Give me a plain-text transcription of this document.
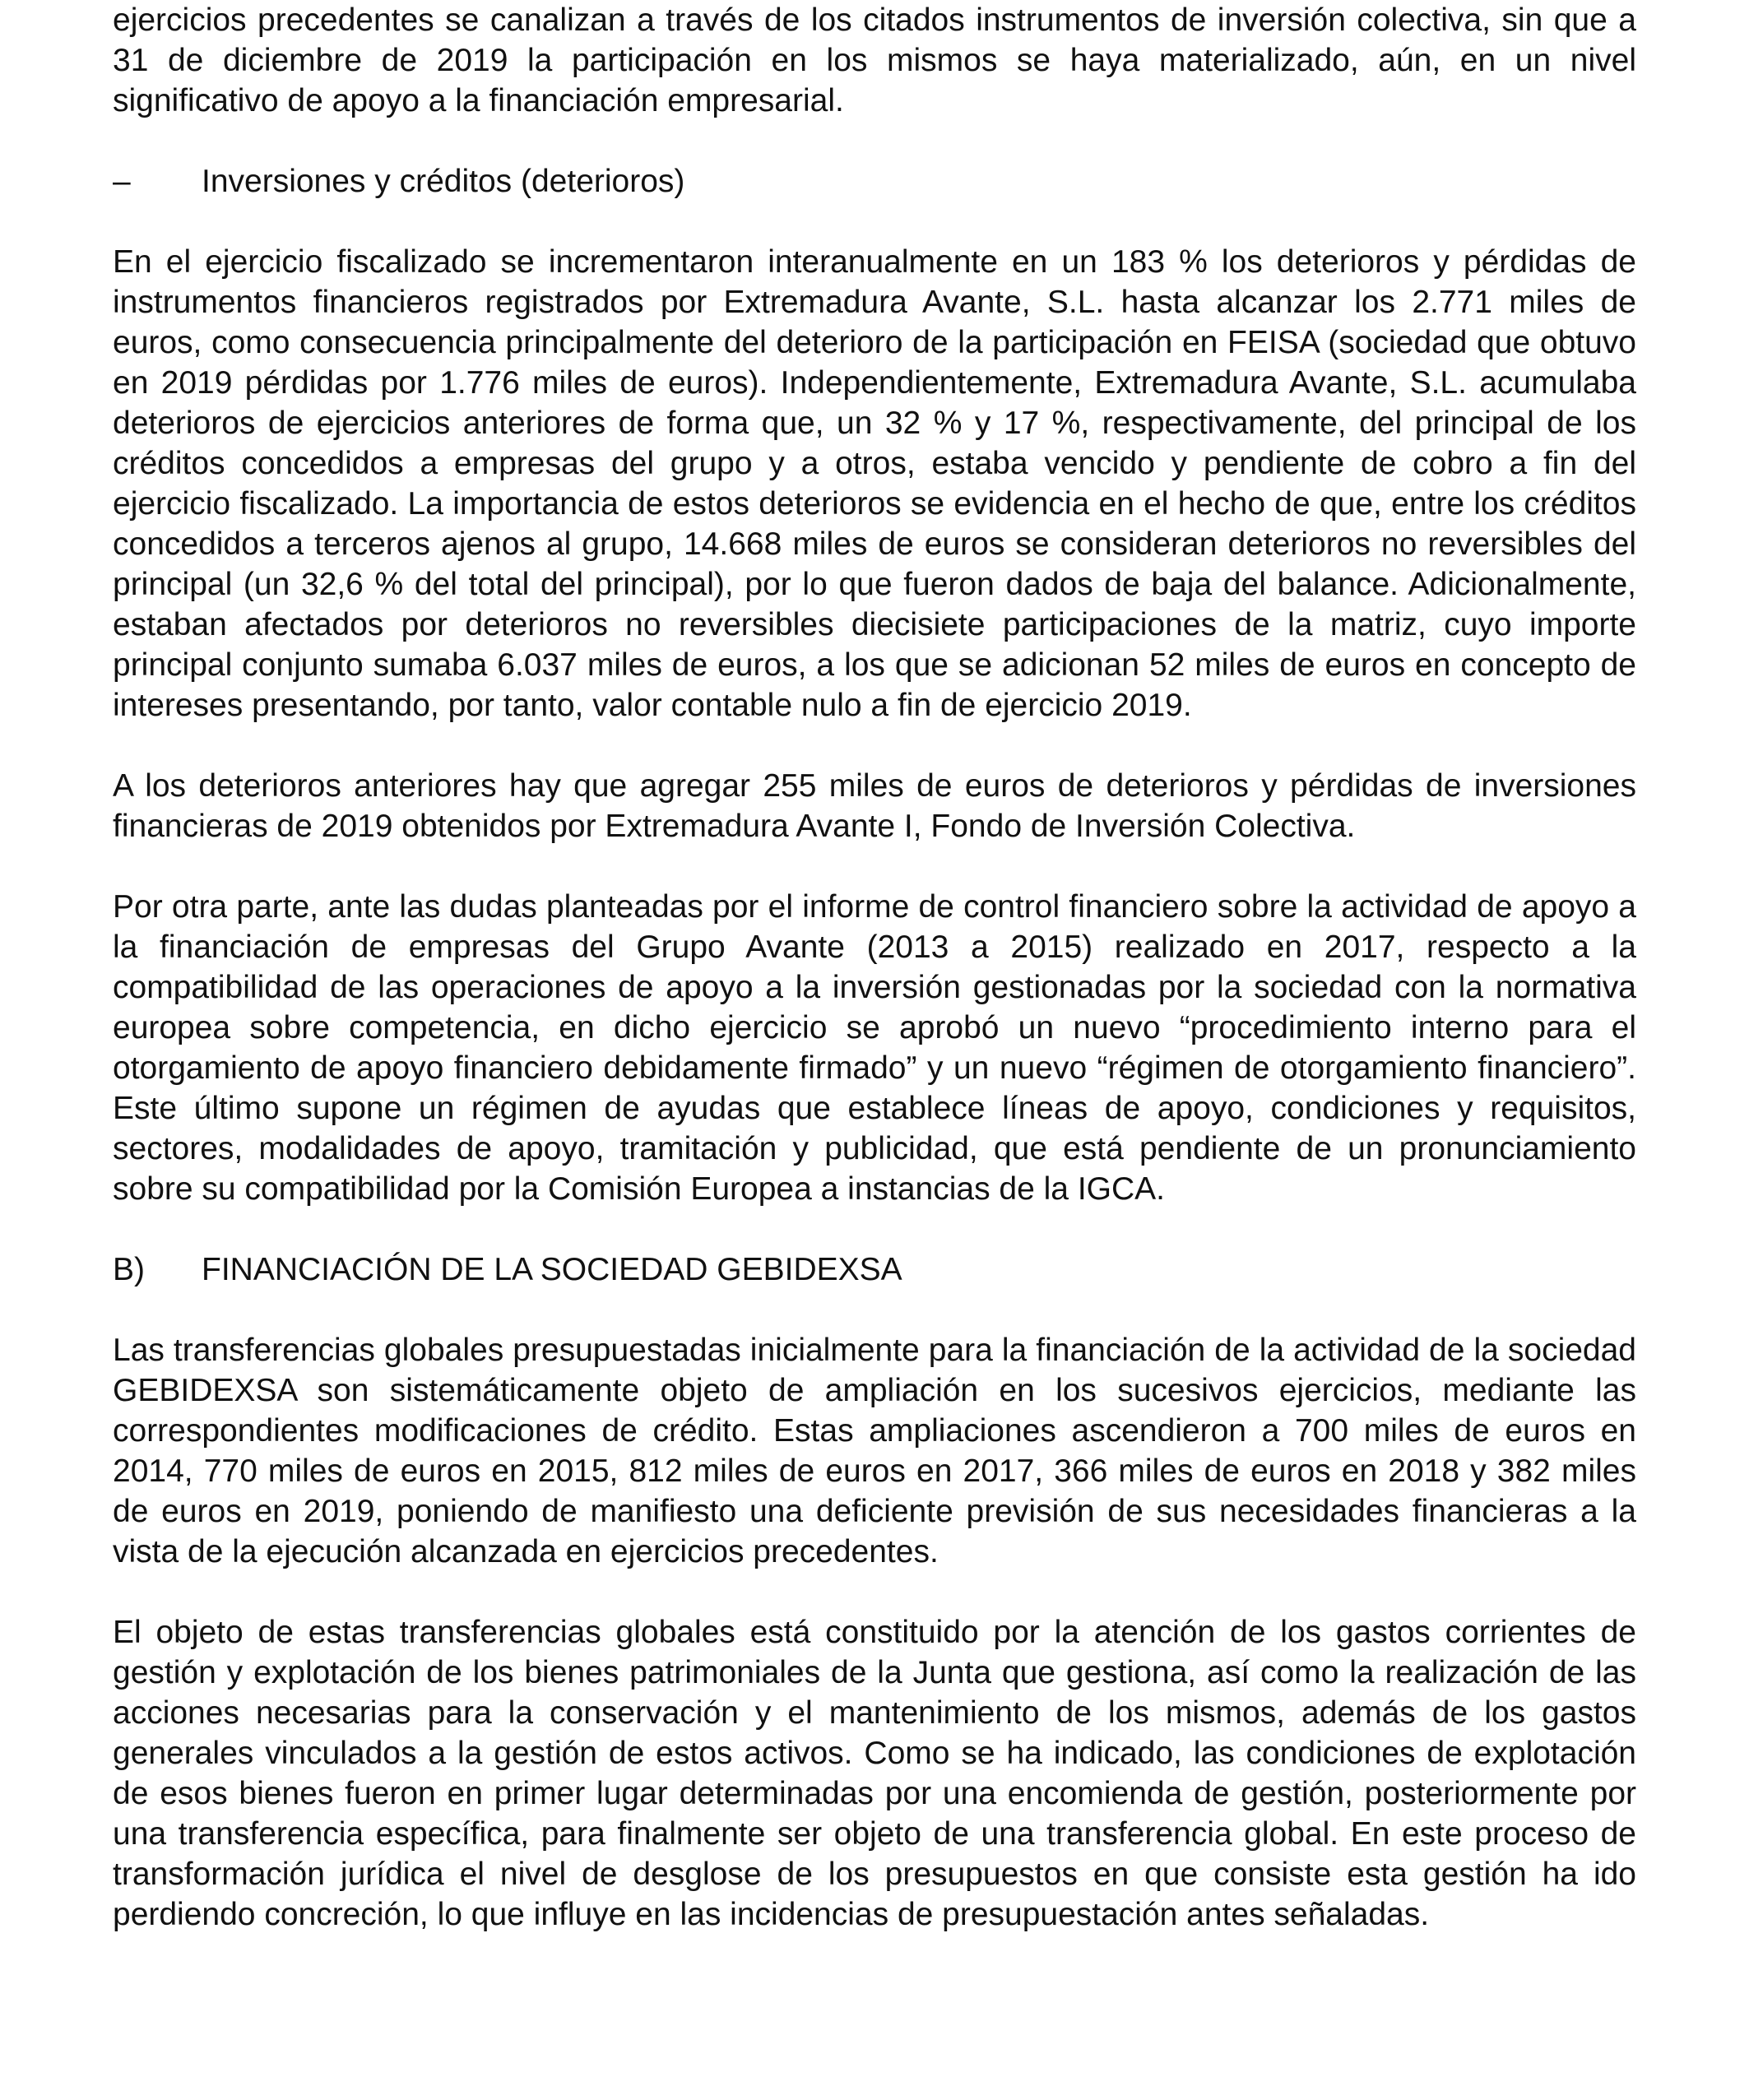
ejercicios precedentes se canalizan a través de los citados instrumentos de inversión colectiva, sin que a 31 de diciembre de 2019 la participación en los mismos se haya materializado, aún, en un nivel significativo de apoyo a la financiación empresarial.

–	Inversiones y créditos (deterioros)

En el ejercicio fiscalizado se incrementaron interanualmente en un 183 % los deterioros y pérdidas de instrumentos financieros registrados por Extremadura Avante, S.L. hasta alcanzar los 2.771 miles de euros, como consecuencia principalmente del deterioro de la participación en FEISA (sociedad que obtuvo en 2019 pérdidas por 1.776 miles de euros). Independientemente, Extremadura Avante, S.L. acumulaba deterioros de ejercicios anteriores de forma que, un 32 % y 17 %, respectivamente, del principal de los créditos concedidos a empresas del grupo y a otros, estaba vencido y pendiente de cobro a fin del ejercicio fiscalizado. La importancia de estos deterioros se evidencia en el hecho de que, entre los créditos concedidos a terceros ajenos al grupo, 14.668 miles de euros se consideran deterioros no reversibles del principal (un 32,6 % del total del principal), por lo que fueron dados de baja del balance. Adicionalmente, estaban afectados por deterioros no reversibles diecisiete participaciones de la matriz, cuyo importe principal conjunto sumaba 6.037 miles de euros, a los que se adicionan 52 miles de euros en concepto de intereses presentando, por tanto, valor contable nulo a fin de ejercicio 2019.

A los deterioros anteriores hay que agregar 255 miles de euros de deterioros y pérdidas de inversiones financieras de 2019 obtenidos por Extremadura Avante I, Fondo de Inversión Colectiva.

Por otra parte, ante las dudas planteadas por el informe de control financiero sobre la actividad de apoyo a la financiación de empresas del Grupo Avante (2013 a 2015) realizado en 2017, respecto a la compatibilidad de las operaciones de apoyo a la inversión gestionadas por la sociedad con la normativa europea sobre competencia, en dicho ejercicio se aprobó un nuevo “procedimiento interno para el otorgamiento de apoyo financiero debidamente firmado” y un nuevo “régimen de otorgamiento financiero”. Este último supone un régimen de ayudas que establece líneas de apoyo, condiciones y requisitos, sectores, modalidades de apoyo, tramitación y publicidad, que está pendiente de un pronunciamiento sobre su compatibilidad por la Comisión Europea a instancias de la IGCA.

B)	FINANCIACIÓN DE LA SOCIEDAD GEBIDEXSA

Las transferencias globales presupuestadas inicialmente para la financiación de la actividad de la sociedad GEBIDEXSA son sistemáticamente objeto de ampliación en los sucesivos ejercicios, mediante las correspondientes modificaciones de crédito. Estas ampliaciones ascendieron a 700 miles de euros en 2014, 770 miles de euros en 2015, 812 miles de euros en 2017, 366 miles de euros en 2018 y 382 miles de euros en 2019, poniendo de manifiesto una deficiente previsión de sus necesidades financieras a la vista de la ejecución alcanzada en ejercicios precedentes.

El objeto de estas transferencias globales está constituido por la atención de los gastos corrientes de gestión y explotación de los bienes patrimoniales de la Junta que gestiona, así como la realización de las acciones necesarias para la conservación y el mantenimiento de los mismos, además de los gastos generales vinculados a la gestión de estos activos. Como se ha indicado, las condiciones de explotación de esos bienes fueron en primer lugar determinadas por una encomienda de gestión, posteriormente por una transferencia específica, para finalmente ser objeto de una transferencia global. En este proceso de transformación jurídica el nivel de desglose de los presupuestos en que consiste esta gestión ha ido perdiendo concreción, lo que influye en las incidencias de presupuestación antes señaladas.
